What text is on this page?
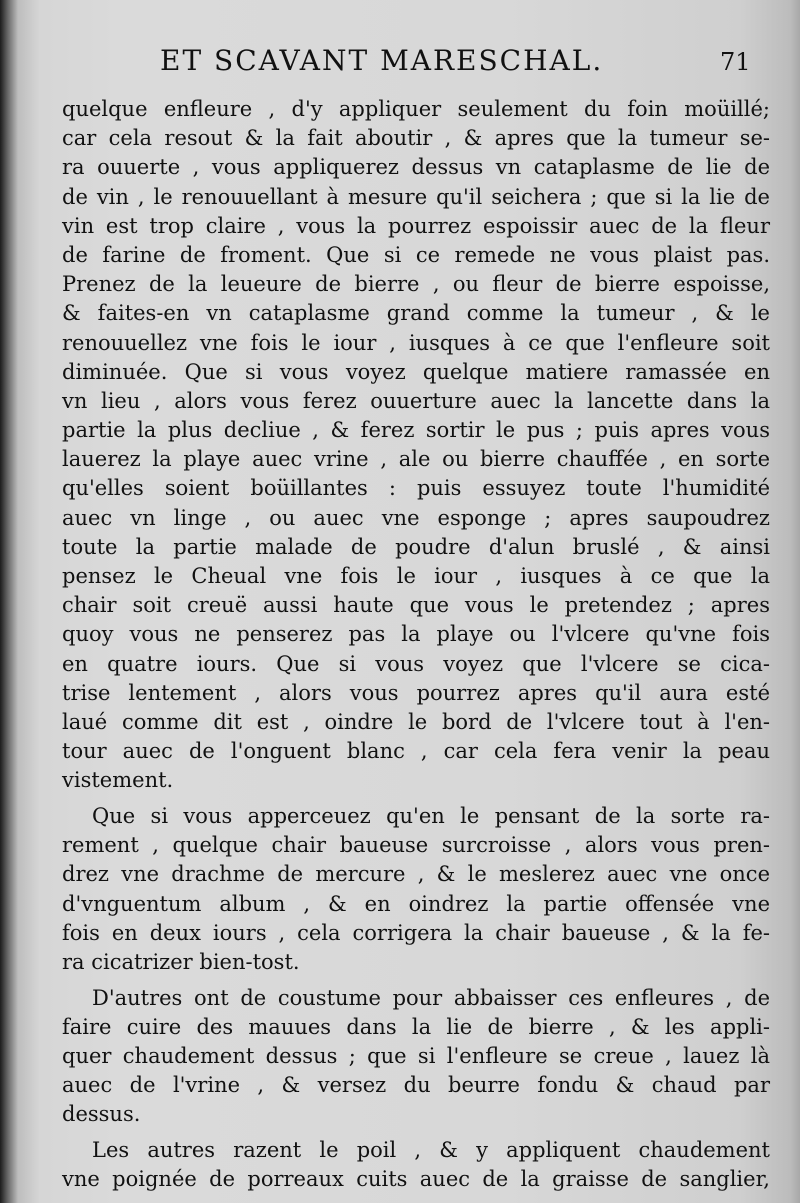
ET SCAVANT MARESCHAL.	71

quelque enfleure , d'y appliquer seulement du foin moüillé;
car cela resout & la fait aboutir , & apres que la tumeur se-
ra ouuerte , vous appliquerez dessus vn cataplasme de lie de
de vin , le renouuellant à mesure qu'il seichera ; que si la lie de
vin est trop claire , vous la pourrez espoissir auec de la fleur
de farine de froment. Que si ce remede ne vous plaist pas.
Prenez de la leueure de bierre , ou fleur de bierre espoisse,
& faites-en vn cataplasme grand comme la tumeur , & le
renouuellez vne fois le iour , iusques à ce que l'enfleure soit
diminuée. Que si vous voyez quelque matiere ramassée en
vn lieu , alors vous ferez ouuerture auec la lancette dans la
partie la plus decliue , & ferez sortir le pus ; puis apres vous
lauerez la playe auec vrine , ale ou bierre chauffée , en sorte
qu'elles soient boüillantes : puis essuyez toute l'humidité
auec vn linge , ou auec vne esponge ; apres saupoudrez
toute la partie malade de poudre d'alun bruslé , & ainsi
pensez le Cheual vne fois le iour , iusques à ce que la
chair soit creuë aussi haute que vous le pretendez ; apres
quoy vous ne penserez pas la playe ou l'vlcere qu'vne fois
en quatre iours. Que si vous voyez que l'vlcere se cica-
trise lentement , alors vous pourrez apres qu'il aura esté
laué comme dit est , oindre le bord de l'vlcere tout à l'en-
tour auec de l'onguent blanc , car cela fera venir la peau
vistement.

Que si vous apperceuez qu'en le pensant de la sorte ra-
rement , quelque chair baueuse surcroisse , alors vous pren-
drez vne drachme de mercure , & le meslerez auec vne once
d'vnguentum album , & en oindrez la partie offensée vne
fois en deux iours , cela corrigera la chair baueuse , & la fe-
ra cicatrizer bien-tost.

D'autres ont de coustume pour abbaisser ces enfleures , de
faire cuire des mauues dans la lie de bierre , & les appli-
quer chaudement dessus ; que si l'enfleure se creue , lauez là
auec de l'vrine , & versez du beurre fondu & chaud par
dessus.

Les autres razent le poil , & y appliquent chaudement
vne poignée de porreaux cuits auec de la graisse de sanglier,
